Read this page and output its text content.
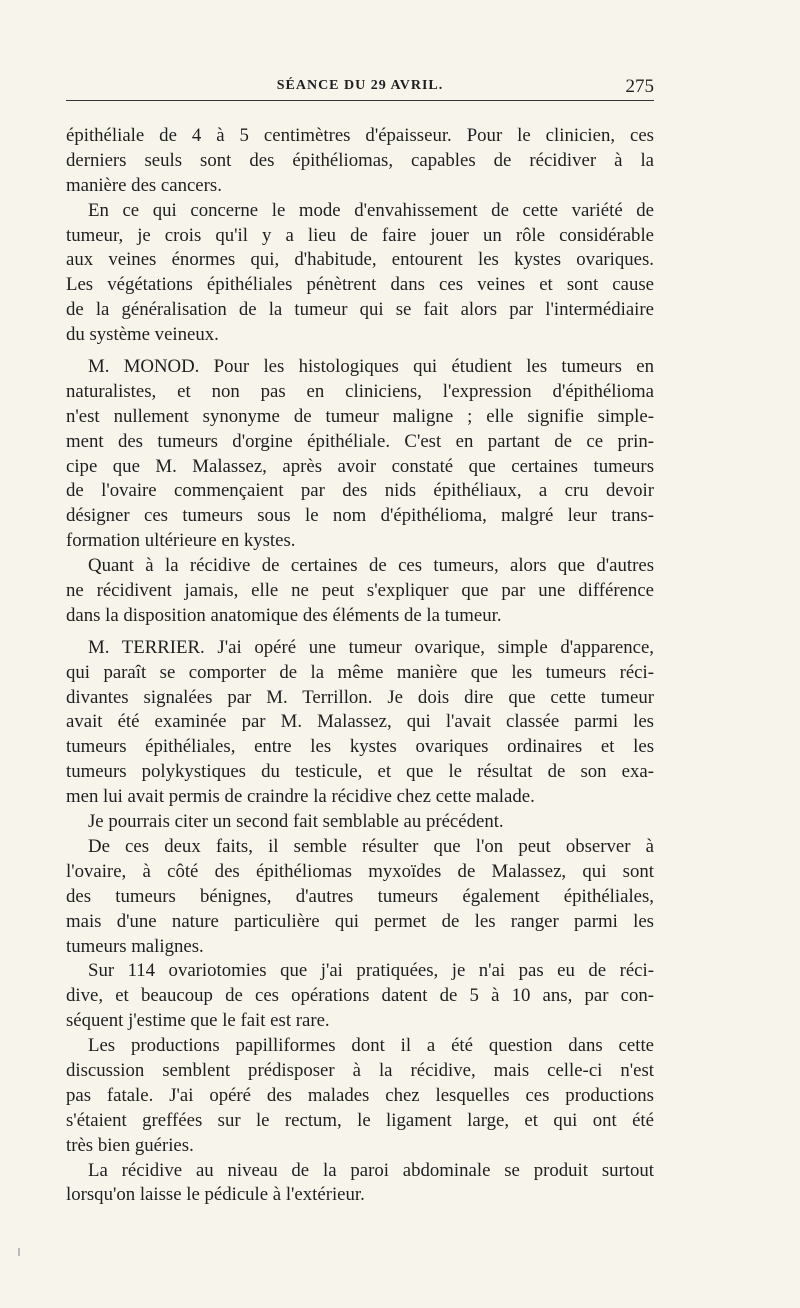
SÉANCE DU 29 AVRIL.	275
épithéliale de 4 à 5 centimètres d'épaisseur. Pour le clinicien, ces
derniers seuls sont des épithéliomas, capables de récidiver à la
manière des cancers.
En ce qui concerne le mode d'envahissement de cette variété de
tumeur, je crois qu'il y a lieu de faire jouer un rôle considérable
aux veines énormes qui, d'habitude, entourent les kystes ovariques.
Les végétations épithéliales pénètrent dans ces veines et sont cause
de la généralisation de la tumeur qui se fait alors par l'intermédiaire
du système veineux.
M. MONOD. Pour les histologiques qui étudient les tumeurs en
naturalistes, et non pas en cliniciens, l'expression d'épithélioma
n'est nullement synonyme de tumeur maligne ; elle signifie simple-
ment des tumeurs d'orgine épithéliale. C'est en partant de ce prin-
cipe que M. Malassez, après avoir constaté que certaines tumeurs
de l'ovaire commençaient par des nids épithéliaux, a cru devoir
désigner ces tumeurs sous le nom d'épithélioma, malgré leur trans-
formation ultérieure en kystes.
Quant à la récidive de certaines de ces tumeurs, alors que d'autres
ne récidivent jamais, elle ne peut s'expliquer que par une différence
dans la disposition anatomique des éléments de la tumeur.
M. TERRIER. J'ai opéré une tumeur ovarique, simple d'apparence,
qui paraît se comporter de la même manière que les tumeurs réci-
divantes signalées par M. Terrillon. Je dois dire que cette tumeur
avait été examinée par M. Malassez, qui l'avait classée parmi les
tumeurs épithéliales, entre les kystes ovariques ordinaires et les
tumeurs polykystiques du testicule, et que le résultat de son exa-
men lui avait permis de craindre la récidive chez cette malade.
Je pourrais citer un second fait semblable au précédent.
De ces deux faits, il semble résulter que l'on peut observer à
l'ovaire, à côté des épithéliomas myxoïdes de Malassez, qui sont
des tumeurs bénignes, d'autres tumeurs également épithéliales,
mais d'une nature particulière qui permet de les ranger parmi les
tumeurs malignes.
Sur 114 ovariotomies que j'ai pratiquées, je n'ai pas eu de réci-
dive, et beaucoup de ces opérations datent de 5 à 10 ans, par con-
séquent j'estime que le fait est rare.
Les productions papilliformes dont il a été question dans cette
discussion semblent prédisposer à la récidive, mais celle-ci n'est
pas fatale. J'ai opéré des malades chez lesquelles ces productions
s'étaient greffées sur le rectum, le ligament large, et qui ont été
très bien guéries.
La récidive au niveau de la paroi abdominale se produit surtout
lorsqu'on laisse le pédicule à l'extérieur.
